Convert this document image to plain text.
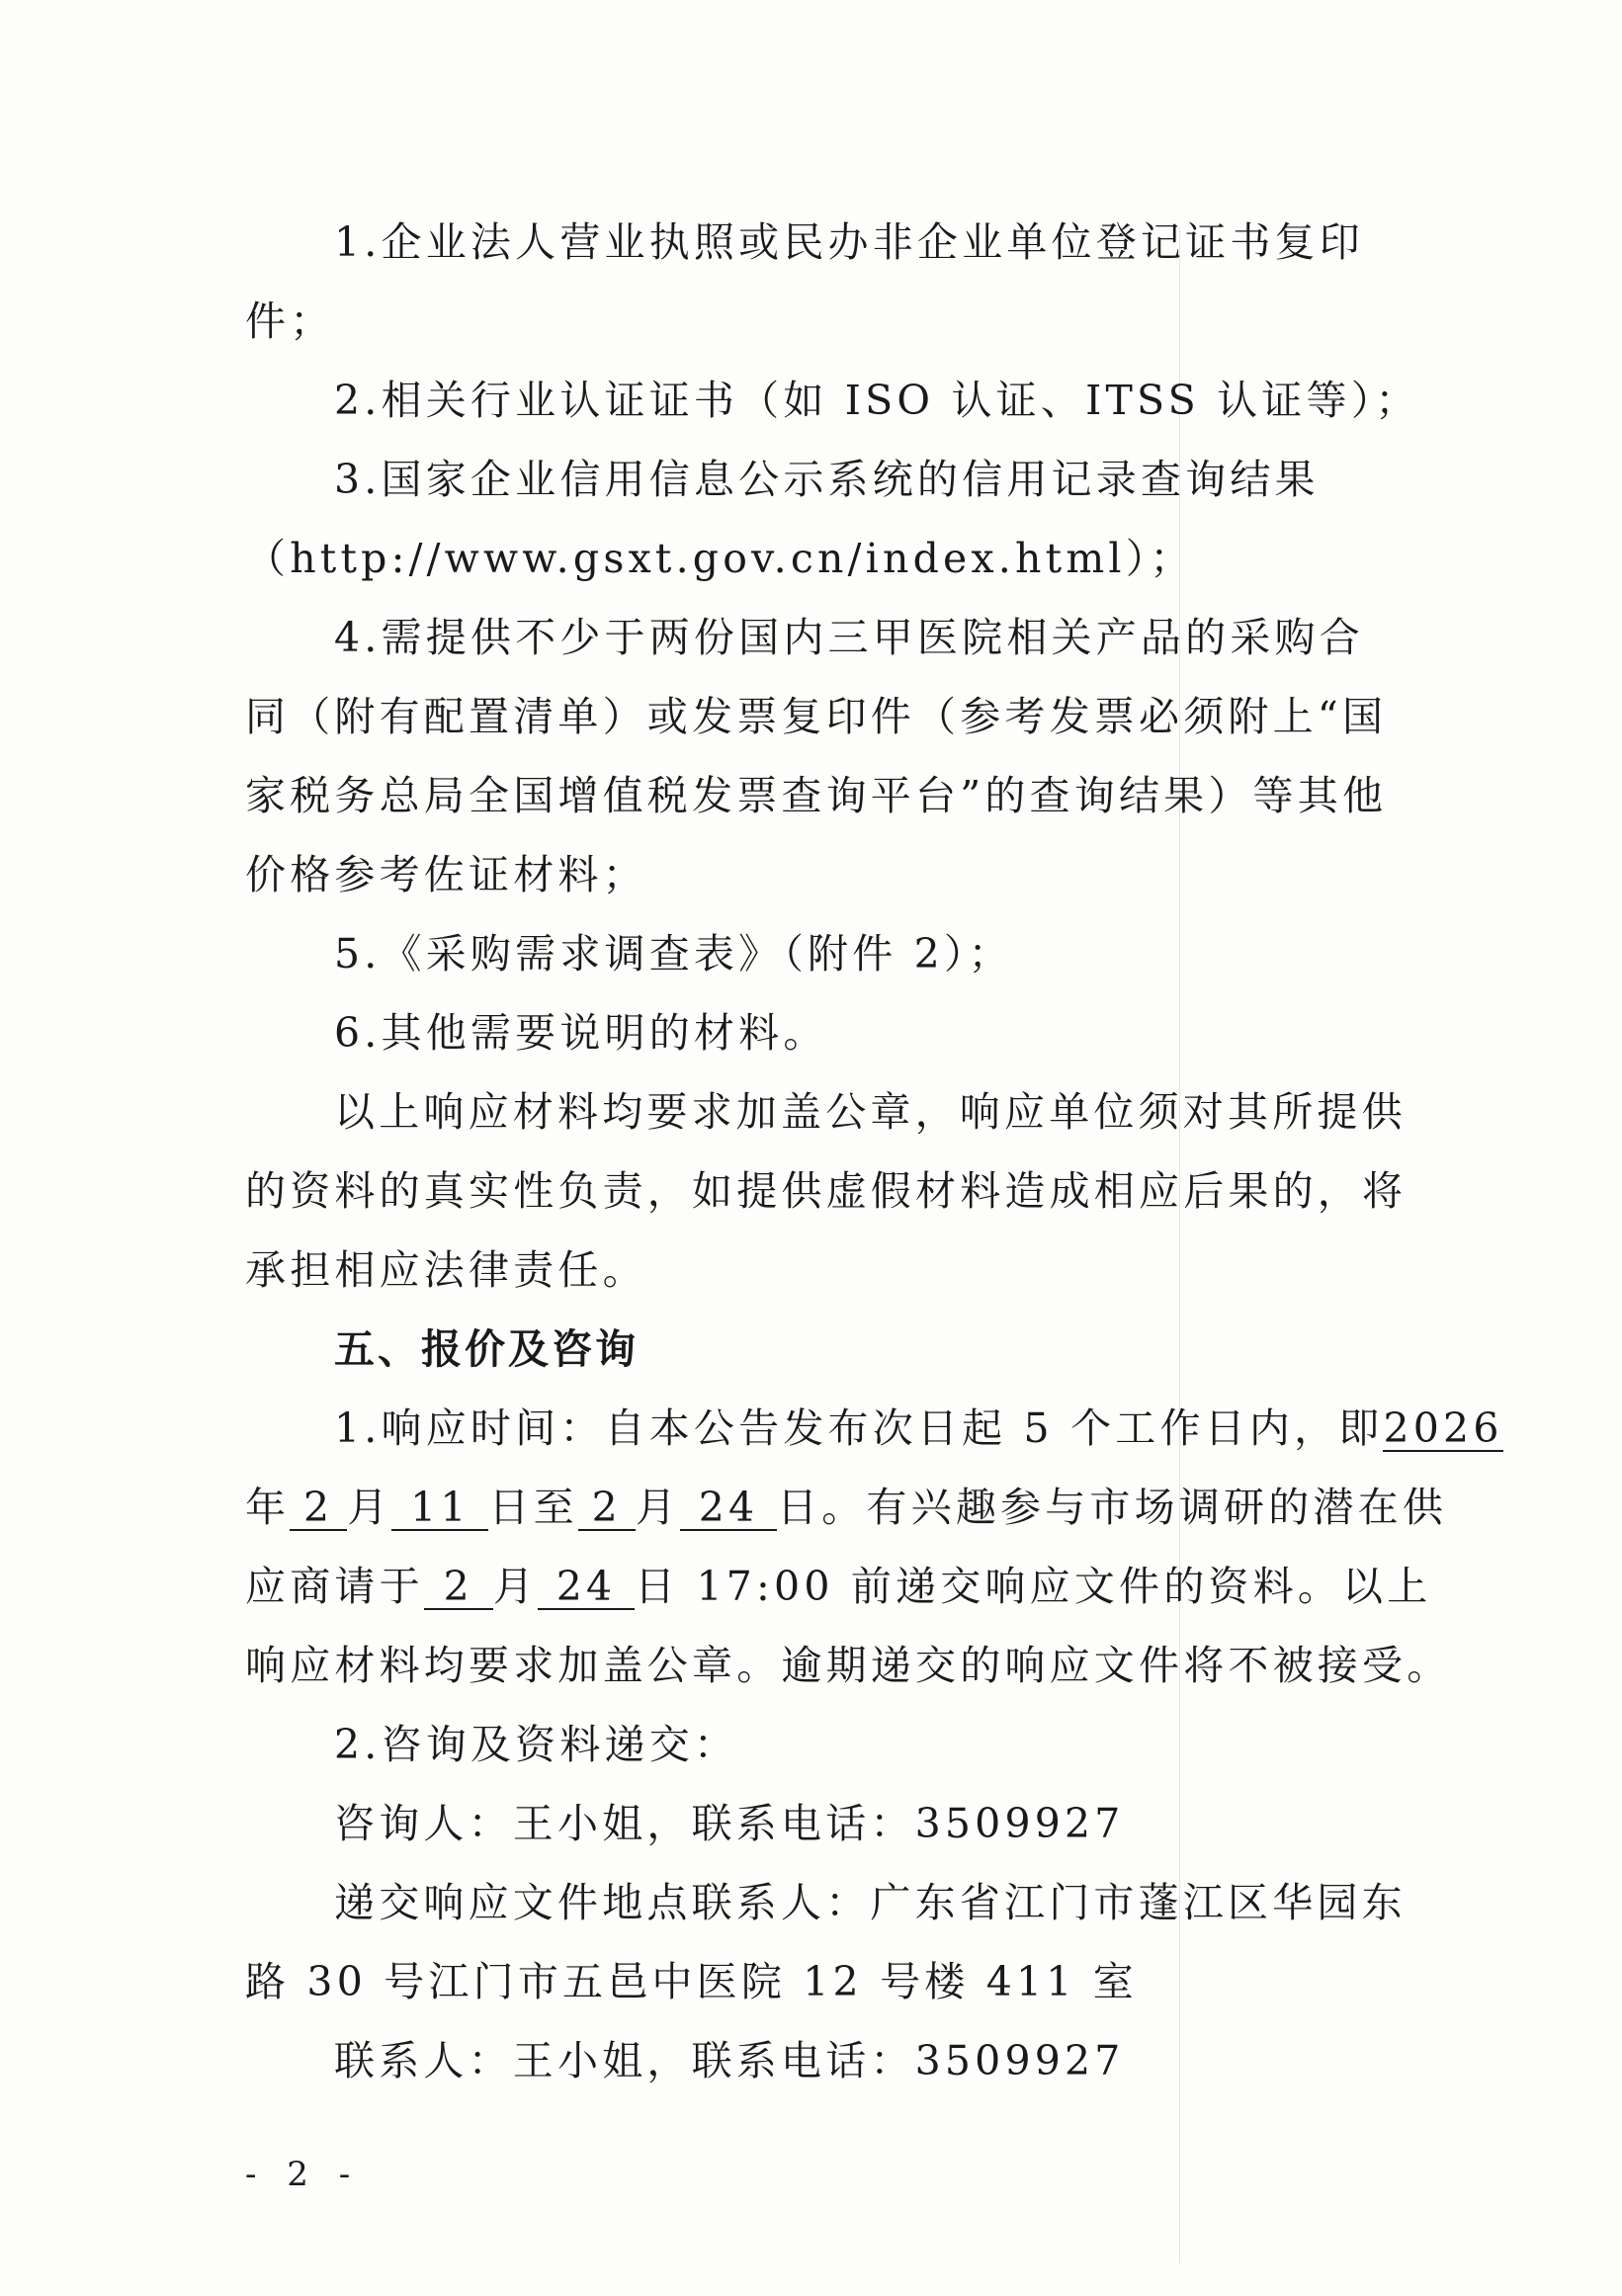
1.企业法人营业执照或民办非企业单位登记证书复印
件；
2.相关行业认证证书（如 ISO 认证、ITSS 认证等）；
3.国家企业信用信息公示系统的信用记录查询结果
（http://www.gsxt.gov.cn/index.html）；
4.需提供不少于两份国内三甲医院相关产品的采购合
同（附有配置清单）或发票复印件（参考发票必须附上“国
家税务总局全国增值税发票查询平台”的查询结果）等其他
价格参考佐证材料；
5.《采购需求调查表》（附件 2）；
6.其他需要说明的材料。
以上响应材料均要求加盖公章，响应单位须对其所提供
的资料的真实性负责，如提供虚假材料造成相应后果的，将
承担相应法律责任。
五、报价及咨询
1.响应时间：自本公告发布次日起 5 个工作日内，即2026
年 2 月 11 日至 2 月 24 日。有兴趣参与市场调研的潜在供
应商请于 2 月 24 日 17:00 前递交响应文件的资料。以上
响应材料均要求加盖公章。逾期递交的响应文件将不被接受。
2.咨询及资料递交：
咨询人：王小姐，联系电话：3509927
递交响应文件地点联系人：广东省江门市蓬江区华园东
路 30 号江门市五邑中医院 12 号楼 411 室
联系人：王小姐，联系电话：3509927
- 2 -
